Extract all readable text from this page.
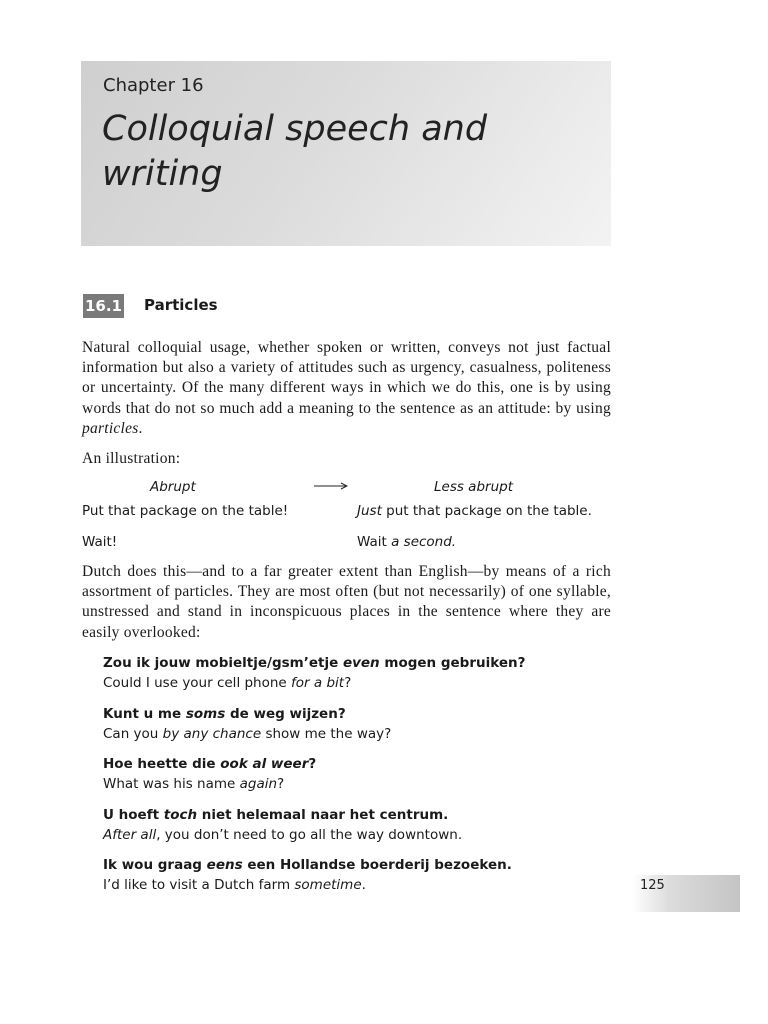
Chapter 16
Colloquial speech and writing
16.1 Particles
Natural colloquial usage, whether spoken or written, conveys not just factual information but also a variety of attitudes such as urgency, casualness, politeness or uncertainty. Of the many different ways in which we do this, one is by using words that do not so much add a meaning to the sentence as an attitude: by using particles.
An illustration:
Abrupt	Less abrupt
Put that package on the table!	Just put that package on the table.
Wait!	Wait a second.
Dutch does this—and to a far greater extent than English—by means of a rich assortment of particles. They are most often (but not necessarily) of one syllable, unstressed and stand in inconspicuous places in the sentence where they are easily overlooked:
Zou ik jouw mobieltje/gsm’etje even mogen gebruiken?
Could I use your cell phone for a bit?
Kunt u me soms de weg wijzen?
Can you by any chance show me the way?
Hoe heette die ook al weer?
What was his name again?
U hoeft toch niet helemaal naar het centrum.
After all, you don’t need to go all the way downtown.
Ik wou graag eens een Hollandse boerderij bezoeken.
I’d like to visit a Dutch farm sometime.	125
